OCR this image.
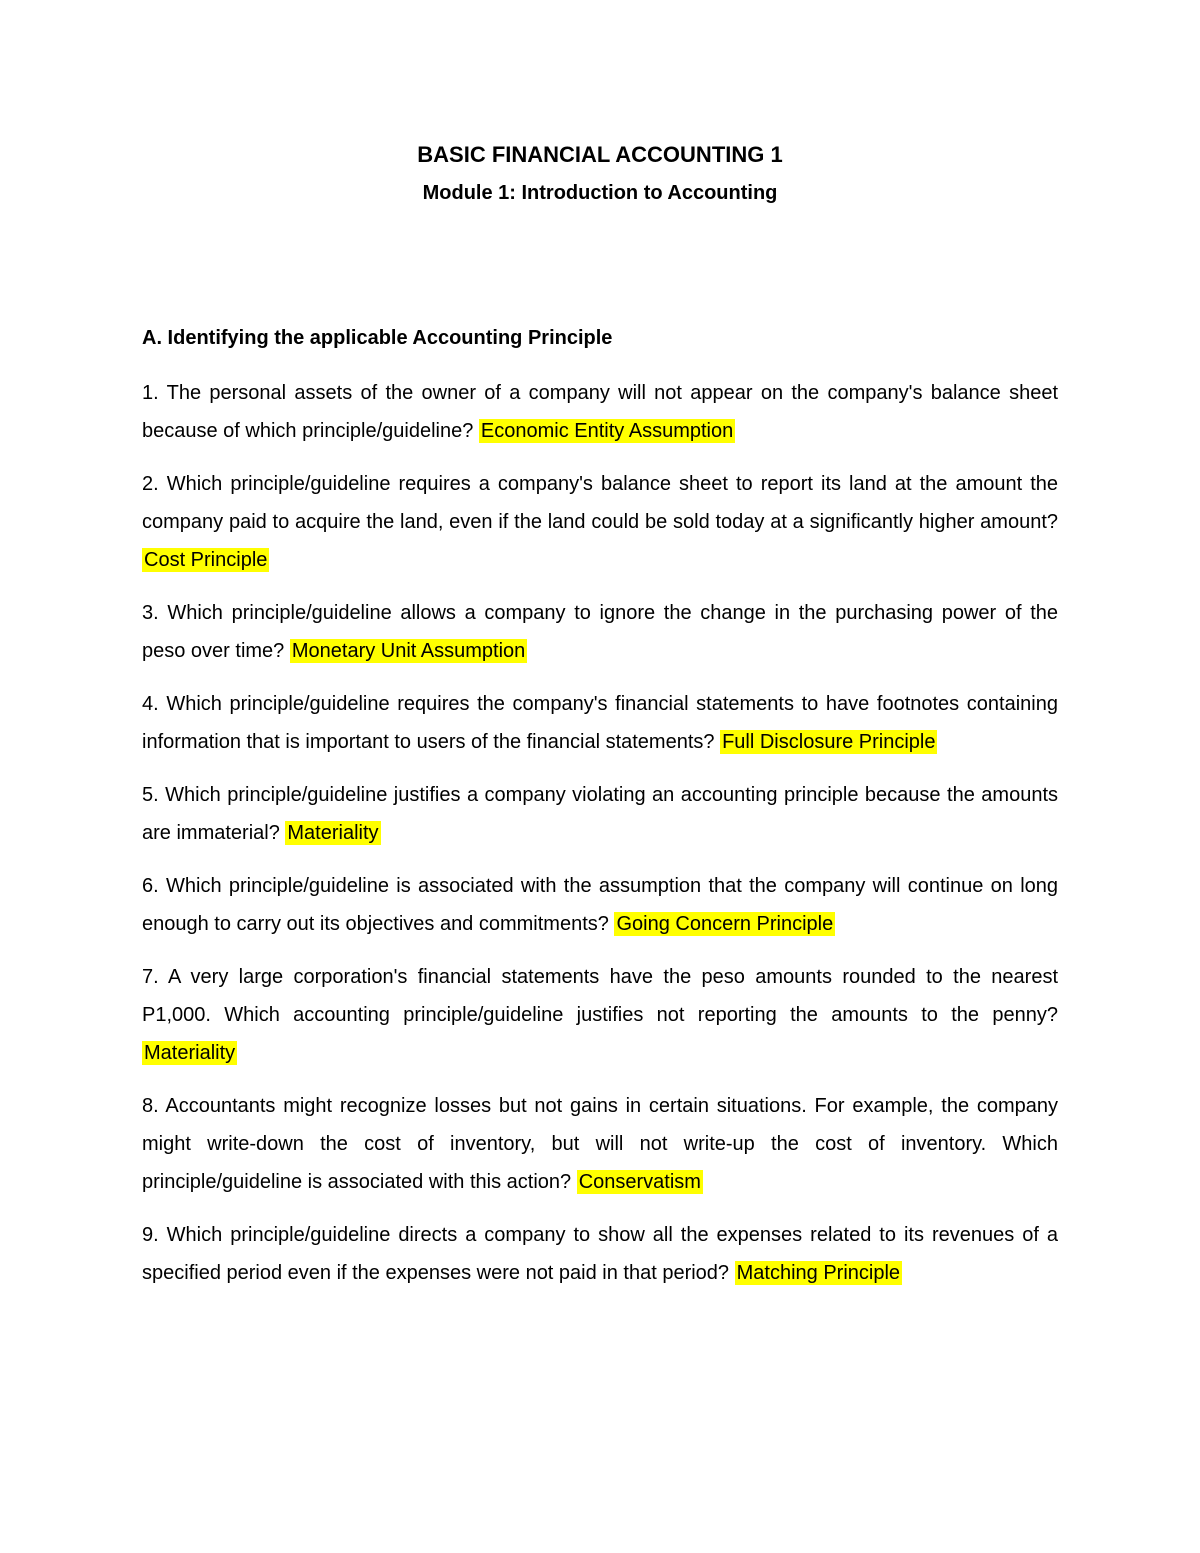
BASIC FINANCIAL ACCOUNTING 1
Module 1: Introduction to Accounting
A. Identifying the applicable Accounting Principle

1. The personal assets of the owner of a company will not appear on the company's balance sheet because of which principle/guideline? Economic Entity Assumption

2. Which principle/guideline requires a company's balance sheet to report its land at the amount the company paid to acquire the land, even if the land could be sold today at a significantly higher amount? Cost Principle

3. Which principle/guideline allows a company to ignore the change in the purchasing power of the peso over time? Monetary Unit Assumption

4. Which principle/guideline requires the company's financial statements to have footnotes containing information that is important to users of the financial statements? Full Disclosure Principle

5. Which principle/guideline justifies a company violating an accounting principle because the amounts are immaterial? Materiality

6. Which principle/guideline is associated with the assumption that the company will continue on long enough to carry out its objectives and commitments? Going Concern Principle

7. A very large corporation's financial statements have the peso amounts rounded to the nearest P1,000. Which accounting principle/guideline justifies not reporting the amounts to the penny? Materiality

8. Accountants might recognize losses but not gains in certain situations. For example, the company might write-down the cost of inventory, but will not write-up the cost of inventory. Which principle/guideline is associated with this action? Conservatism

9. Which principle/guideline directs a company to show all the expenses related to its revenues of a specified period even if the expenses were not paid in that period? Matching Principle
